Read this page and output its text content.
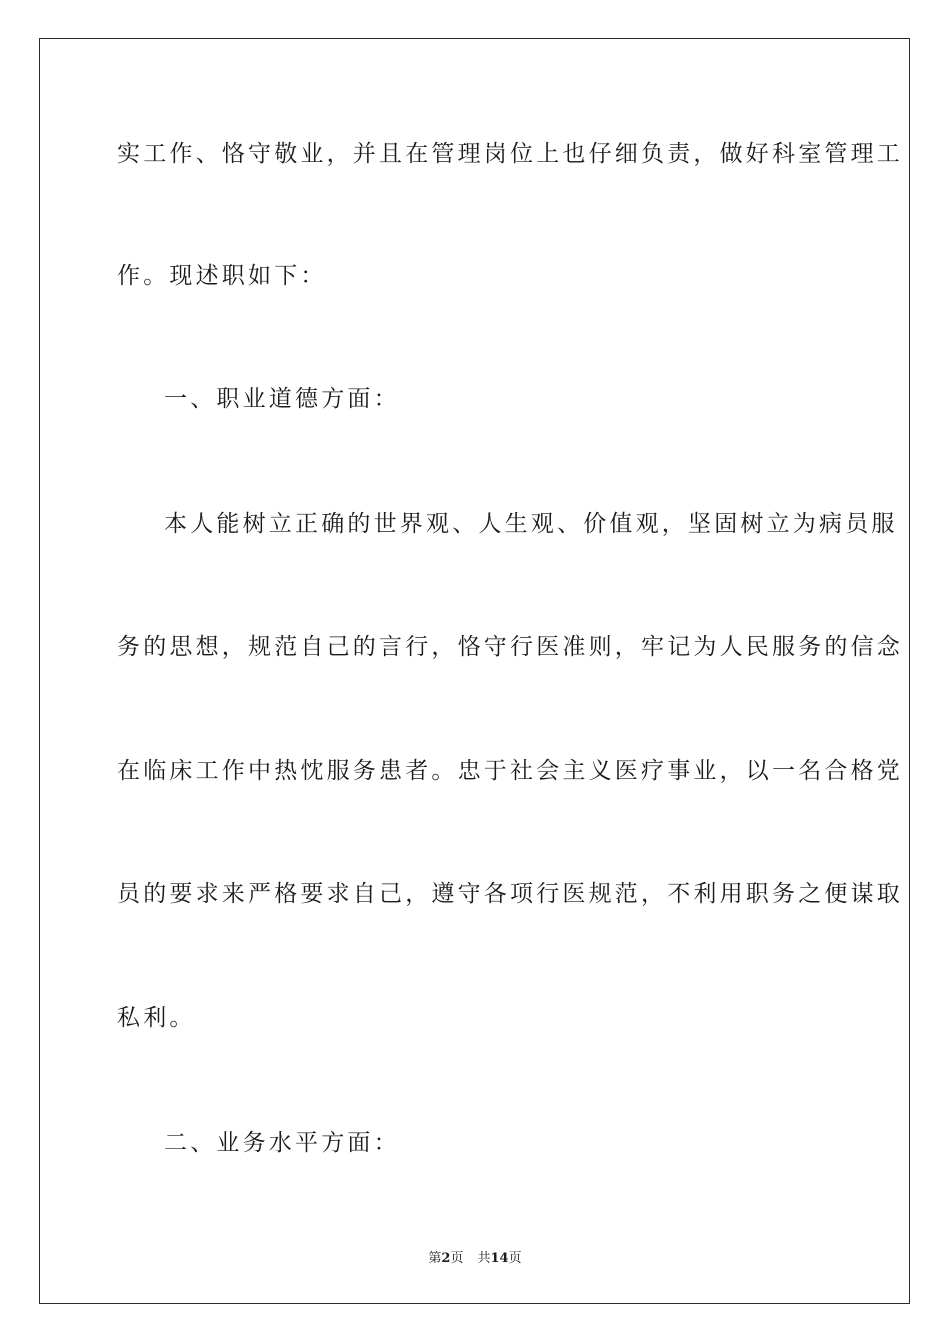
实工作、恪守敬业，并且在管理岗位上也仔细负责，做好科室管理工
作。现述职如下：
一、职业道德方面：
本人能树立正确的世界观、人生观、价值观，坚固树立为病员服
务的思想，规范自己的言行，恪守行医准则，牢记为人民服务的信念
在临床工作中热忱服务患者。忠于社会主义医疗事业，以一名合格党
员的要求来严格要求自己，遵守各项行医规范，不利用职务之便谋取
私利。
二、业务水平方面：
第2页 共14页
